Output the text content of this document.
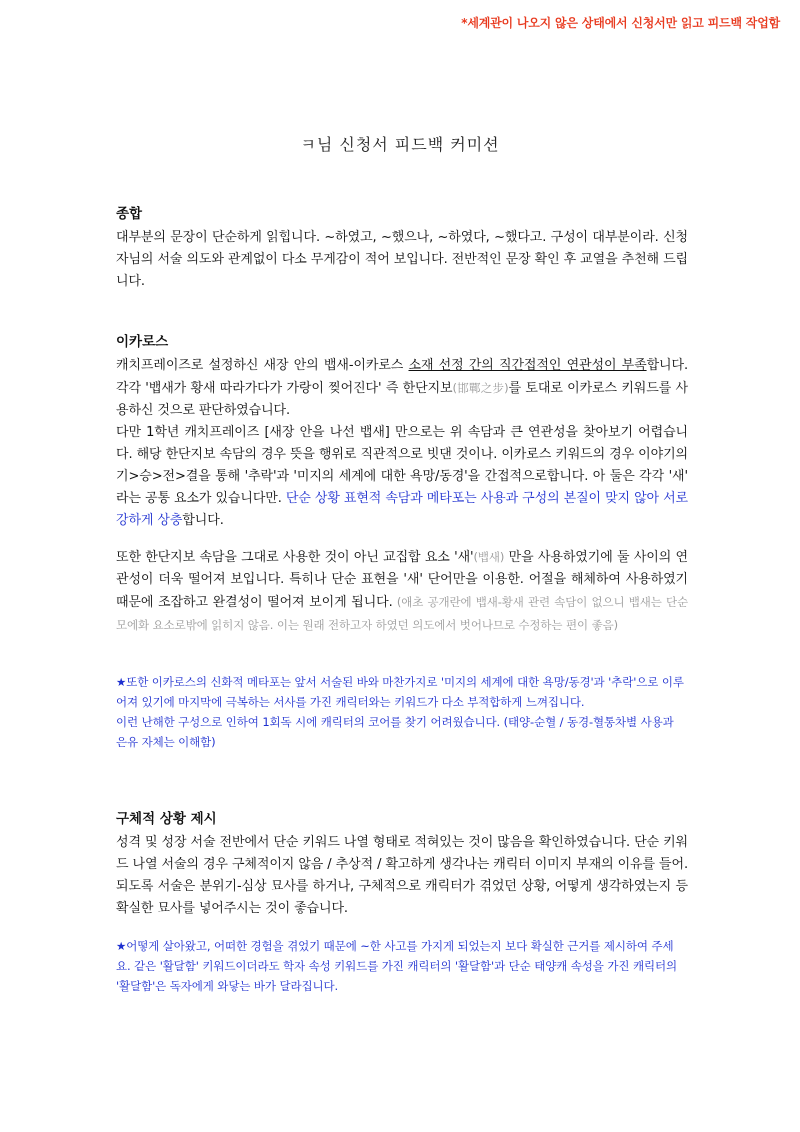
*세계관이 나오지 않은 상태에서 신청서만 읽고 피드백 작업함
ㅋ님 신청서 피드백 커미션

종합

대부분의 문장이 단순하게 읽힙니다. ~하였고, ~했으나, ~하였다, ~했다고. 구성이 대부분이라. 신청자님의 서술 의도와 관계없이 다소 무게감이 적어 보입니다. 전반적인 문장 확인 후 교열을 추천해 드립니다.

이카로스

캐치프레이즈로 설정하신 새장 안의 뱁새-이카로스 소재 선정 간의 직간접적인 연관성이 부족합니다. 각각 '뱁새가 황새 따라가다가 가랑이 찢어진다' 즉 한단지보(邯鄲之步)를 토대로 이카로스 키워드를 사용하신 것으로 판단하였습니다.

다만 1학년 캐치프레이즈 [새장 안을 나선 뱁새] 만으로는 위 속담과 큰 연관성을 찾아보기 어렵습니다. 해당 한단지보 속담의 경우 뜻을 행위로 직관적으로 빗댄 것이나. 이카로스 키워드의 경우 이야기의 기>승>전>결을 통해 '추락'과 '미지의 세계에 대한 욕망/동경'을 간접적으로합니다. 아 둘은 각각 '새' 라는 공통 요소가 있습니다만. 단순 상황 표현적 속담과 메타포는 사용과 구성의 본질이 맞지 않아 서로 강하게 상충합니다.

또한 한단지보 속담을 그대로 사용한 것이 아닌 교집합 요소 '새'(뱁새) 만을 사용하였기에 둘 사이의 연관성이 더욱 떨어져 보입니다. 특히나 단순 표현을 '새' 단어만을 이용한. 어절을 해체하여 사용하였기 때문에 조잡하고 완결성이 떨어져 보이게 됩니다. (애초 공개란에 뱁새-황새 관련 속담이 없으니 뱁새는 단순 모에화 요소로밖에 읽히지 않음. 이는 원래 전하고자 하였던 의도에서 벗어나므로 수정하는 편이 좋음)

★또한 이카로스의 신화적 메타포는 앞서 서술된 바와 마찬가지로 '미지의 세계에 대한 욕망/동경'과 '추락'으로 이루어져 있기에 마지막에 극복하는 서사를 가진 캐릭터와는 키워드가 다소 부적합하게 느껴집니다.

이런 난해한 구성으로 인하여 1회독 시에 캐릭터의 코어를 찾기 어려웠습니다. (태양-순혈 / 동경-혈통차별 사용과 은유 자체는 이해함)

구체적 상황 제시

성격 및 성장 서술 전반에서 단순 키워드 나열 형태로 적혀있는 것이 많음을 확인하였습니다. 단순 키워드 나열 서술의 경우 구체적이지 않음 / 추상적 / 확고하게 생각나는 캐릭터 이미지 부재의 이유를 들어. 되도록 서술은 분위기-심상 묘사를 하거나, 구체적으로 캐릭터가 겪었던 상황, 어떻게 생각하였는지 등 확실한 묘사를 넣어주시는 것이 좋습니다.

★어떻게 살아왔고, 어떠한 경험을 겪었기 때문에 ~한 사고를 가지게 되었는지 보다 확실한 근거를 제시하여 주세요. 같은 '활달함' 키워드이더라도 학자 속성 키워드를 가진 캐릭터의 '활달함'과 단순 태양캐 속성을 가진 캐릭터의 '활달함'은 독자에게 와닿는 바가 달라집니다.
